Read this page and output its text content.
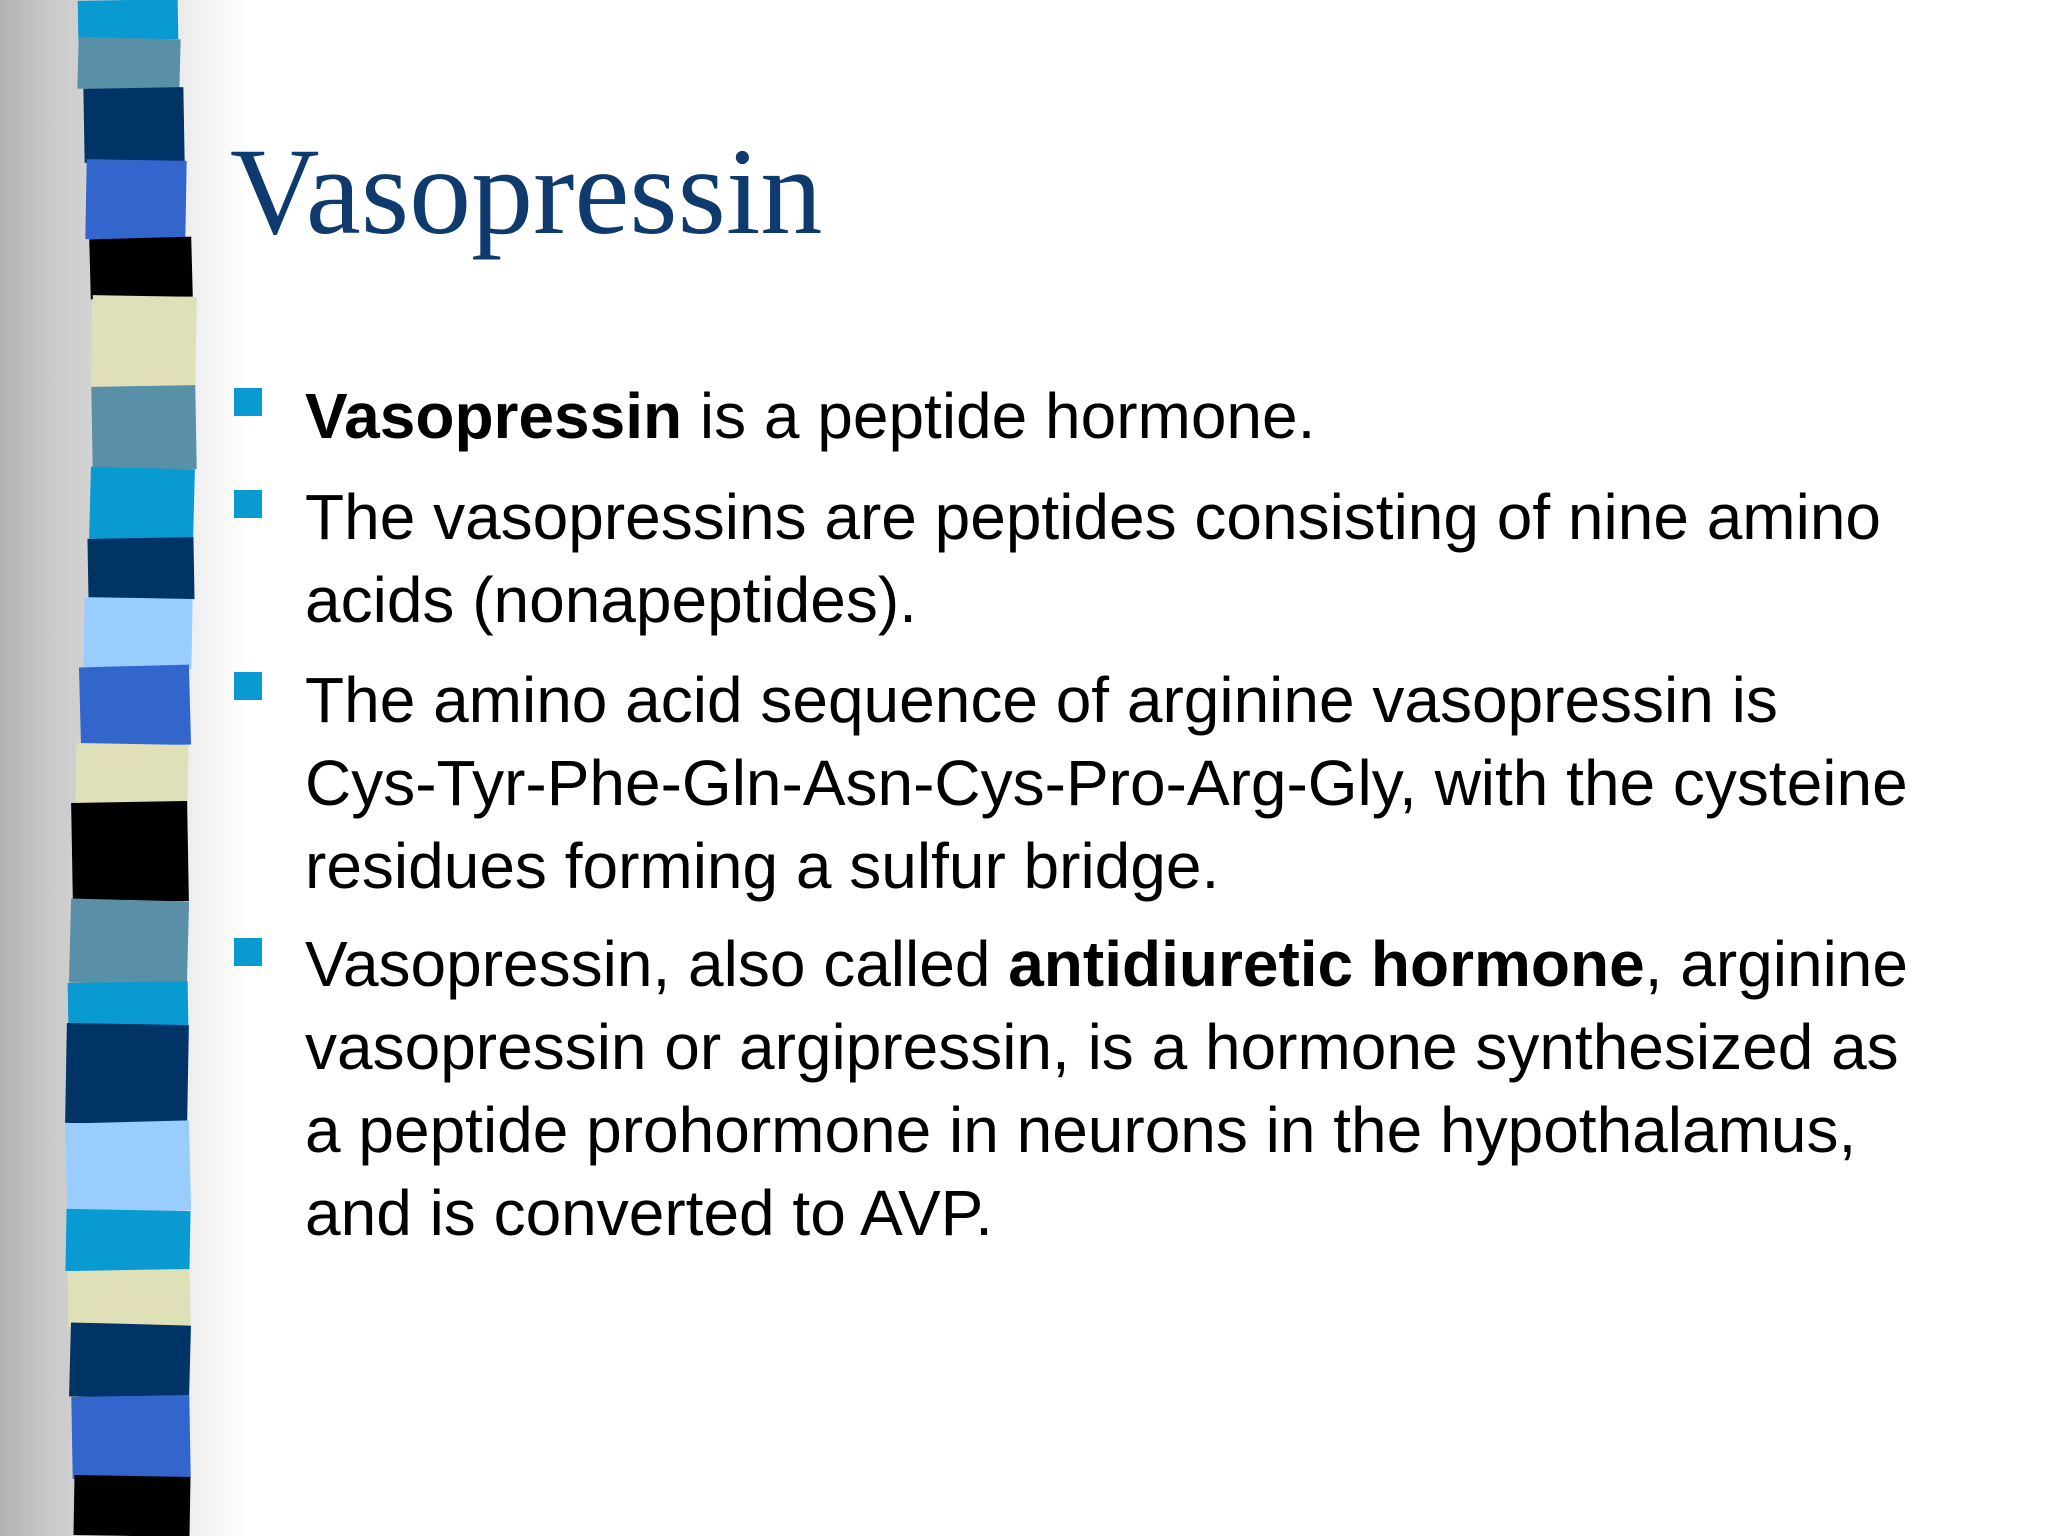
Vasopressin

Vasopressin is a peptide hormone.

The vasopressins are peptides consisting of nine amino
acids (nonapeptides).

The amino acid sequence of arginine vasopressin is
Cys-Tyr-Phe-Gln-Asn-Cys-Pro-Arg-Gly, with the cysteine
residues forming a sulfur bridge.

Vasopressin, also called antidiuretic hormone, arginine
vasopressin or argipressin, is a hormone synthesized as
a peptide prohormone in neurons in the hypothalamus,
and is converted to AVP.
